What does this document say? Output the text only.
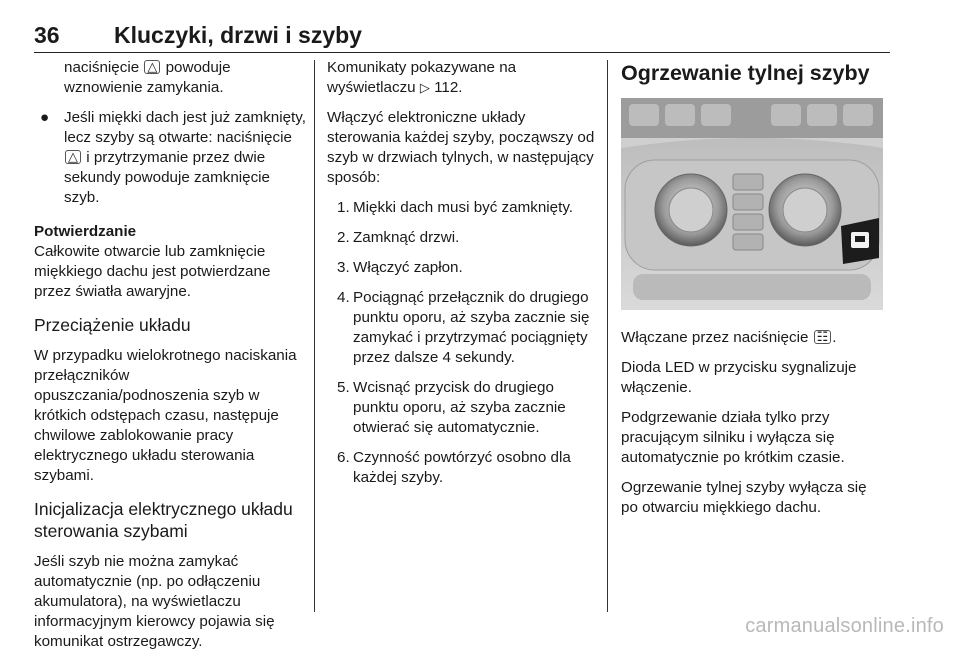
36 Kluczyki, drzwi i szyby

naciśnięcie △ powoduje wznowienie zamykania.

● Jeśli miękki dach jest już zamknięty, lecz szyby są otwarte: naciśnięcie △ i przytrzymanie przez dwie sekundy powoduje zamknięcie szyb.

Potwierdzanie

Całkowite otwarcie lub zamknięcie miękkiego dachu jest potwierdzane przez światła awaryjne.

Przeciążenie układu

W przypadku wielokrotnego naciskania przełączników opuszczania/podnoszenia szyb w krótkich odstępach czasu, następuje chwilowe zablokowanie pracy elektrycznego układu sterowania szybami.

Inicjalizacja elektrycznego układu sterowania szybami

Jeśli szyb nie można zamykać automatycznie (np. po odłączeniu akumulatora), na wyświetlaczu informacyjnym kierowcy pojawia się komunikat ostrzegawczy.

Komunikaty pokazywane na wyświetlaczu ▷ 112.

Włączyć elektroniczne układy sterowania każdej szyby, począwszy od szyb w drzwiach tylnych, w następujący sposób:

1. Miękki dach musi być zamknięty.
2. Zamknąć drzwi.
3. Włączyć zapłon.
4. Pociągnąć przełącznik do drugiego punktu oporu, aż szyba zacznie się zamykać i przytrzymać pociągnięty przez dalsze 4 sekundy.
5. Wcisnąć przycisk do drugiego punktu oporu, aż szyba zacznie otwierać się automatycznie.
6. Czynność powtórzyć osobno dla każdej szyby.
Ogrzewanie tylnej szyby

Włączane przez naciśnięcie ☷ .

Dioda LED w przycisku sygnalizuje włączenie.

Podgrzewanie działa tylko przy pracującym silniku i wyłącza się automatycznie po krótkim czasie.

Ogrzewanie tylnej szyby wyłącza się po otwarciu miękkiego dachu.

carmanualsonline.info
